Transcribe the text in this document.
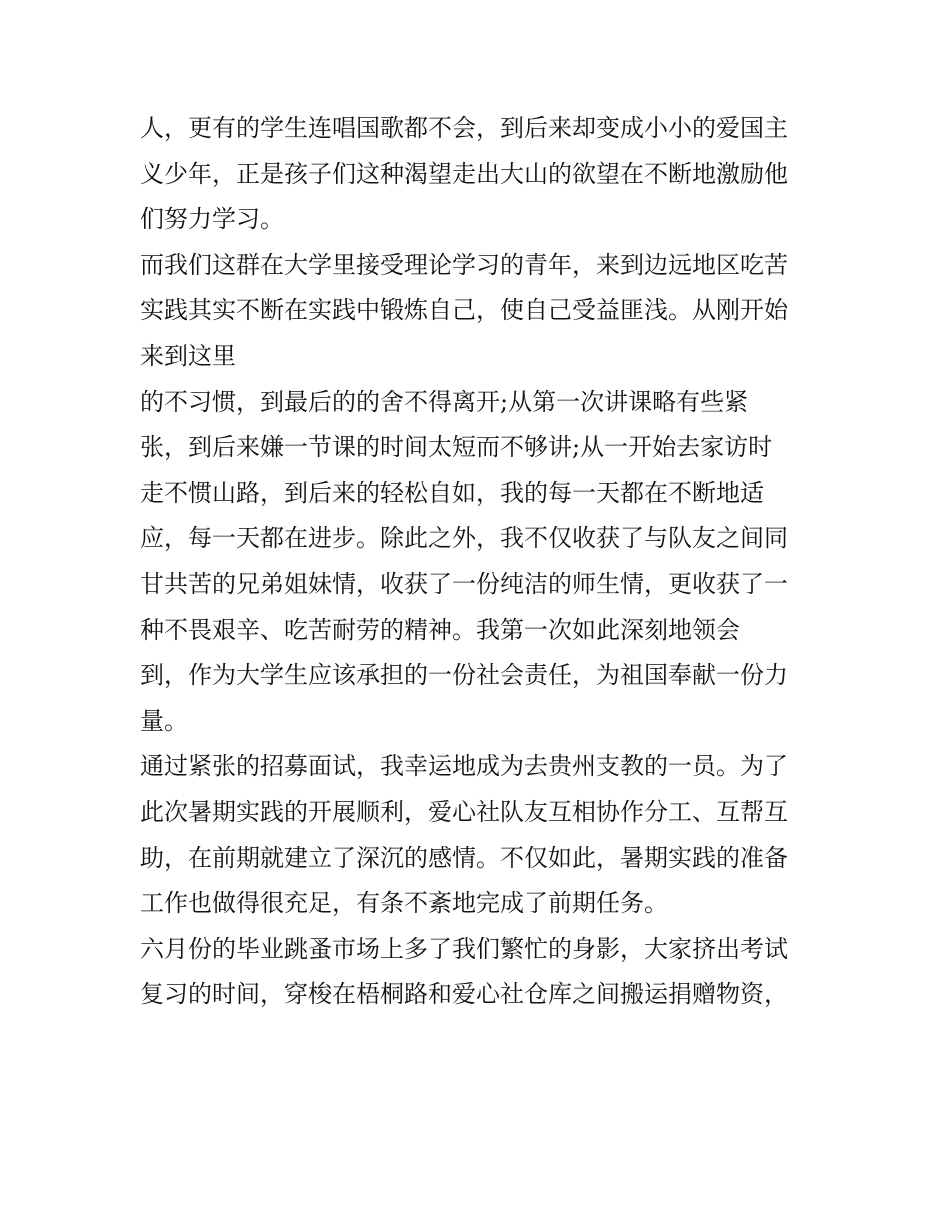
人，更有的学生连唱国歌都不会，到后来却变成小小的爱国主
义少年，正是孩子们这种渴望走出大山的欲望在不断地激励他
们努力学习。
而我们这群在大学里接受理论学习的青年，来到边远地区吃苦
实践其实不断在实践中锻炼自己，使自己受益匪浅。从刚开始
来到这里
的不习惯，到最后的的舍不得离开;从第一次讲课略有些紧
张，到后来嫌一节课的时间太短而不够讲;从一开始去家访时
走不惯山路，到后来的轻松自如，我的每一天都在不断地适
应，每一天都在进步。除此之外，我不仅收获了与队友之间同
甘共苦的兄弟姐妹情，收获了一份纯洁的师生情，更收获了一
种不畏艰辛、吃苦耐劳的精神。我第一次如此深刻地领会
到，作为大学生应该承担的一份社会责任，为祖国奉献一份力
量。
通过紧张的招募面试，我幸运地成为去贵州支教的一员。为了
此次暑期实践的开展顺利，爱心社队友互相协作分工、互帮互
助，在前期就建立了深沉的感情。不仅如此，暑期实践的准备
工作也做得很充足，有条不紊地完成了前期任务。
六月份的毕业跳蚤市场上多了我们繁忙的身影，大家挤出考试
复习的时间，穿梭在梧桐路和爱心社仓库之间搬运捐赠物资，
